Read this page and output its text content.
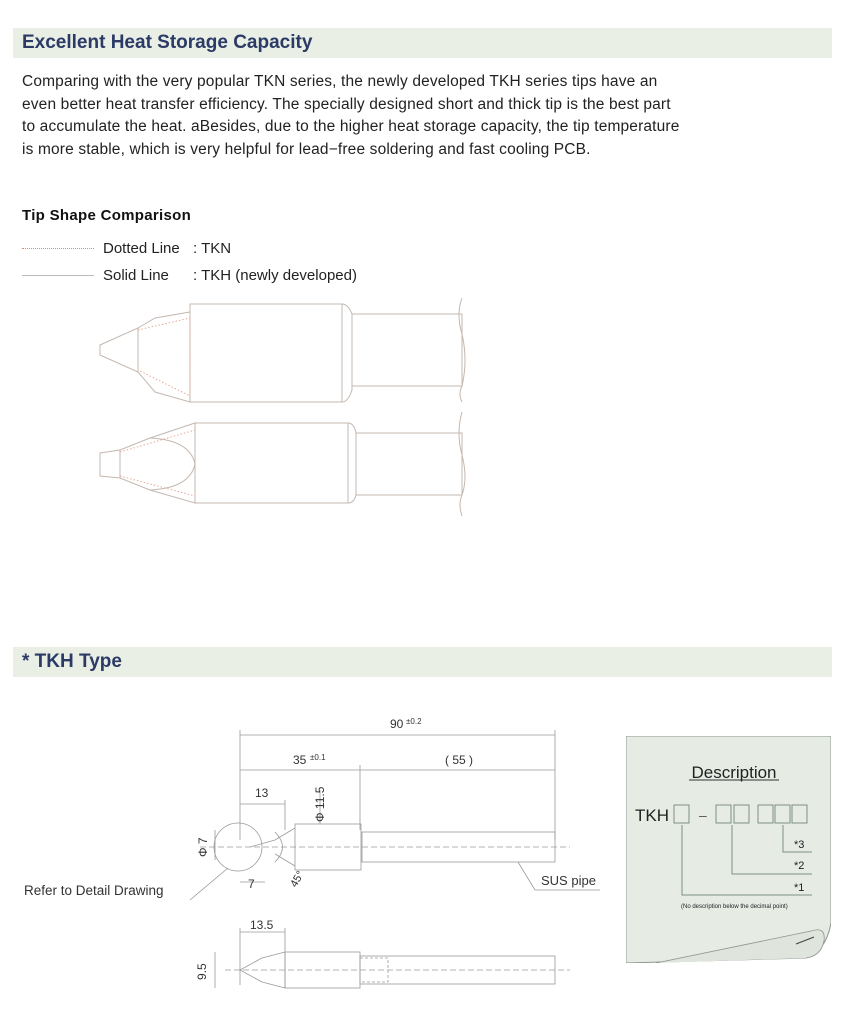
Excellent Heat Storage Capacity
Comparing with the very popular TKN series, the newly developed TKH series tips have an
even better heat transfer efficiency. The specially designed short and thick tip is the best part
to accumulate the heat. aBesides, due to the higher heat storage capacity, the tip temperature
is more stable, which is very helpful for lead−free soldering and fast cooling PCB.
Tip Shape Comparison
Dotted Line : TKN
Solid Line	: TKH (newly developed)
* TKH Type
90 ±0.2
35 ±0.1	( 55 )
13	Φ 11.5
Φ 7
7	45°
Refer to Detail Drawing
SUS pipe
13.5
9.5
Description
TKH –
*3
*2
*1
(No description below the decimal point)
